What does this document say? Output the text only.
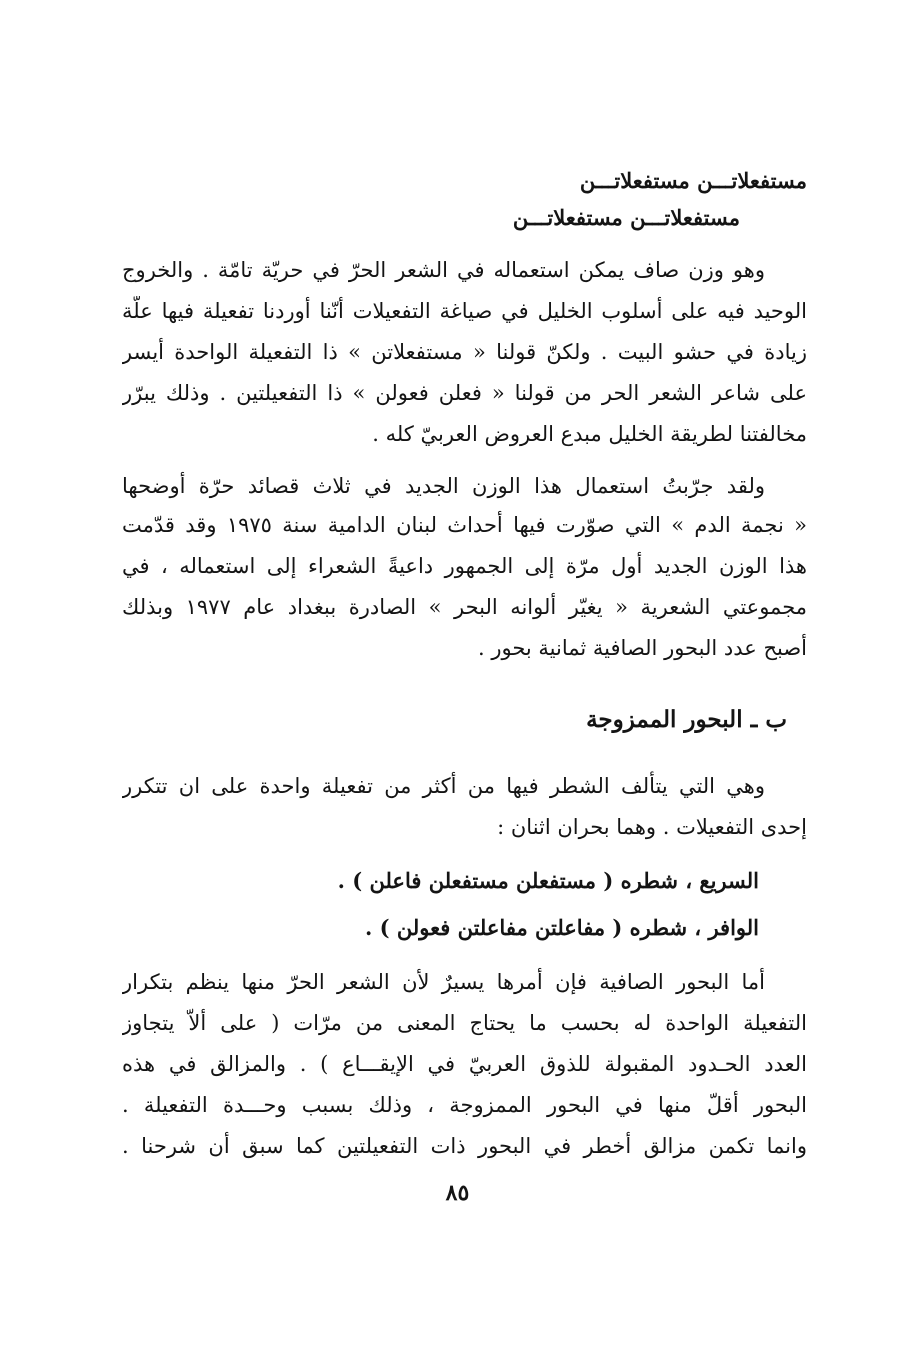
مستفعلاتـــن مستفعلاتـــن
مستفعلاتـــن مستفعلاتـــن
وهو وزن صاف يمكن استعماله في الشعر الحرّ في حريّة تامّة . والخروج
الوحيد فيه على أسلوب الخليل في صياغة التفعيلات أنّنا أوردنا تفعيلة فيها علّة
زيادة في حشو البيت . ولكنّ قولنا « مستفعلاتن » ذا التفعيلة الواحدة أيسر
على شاعر الشعر الحر من قولنا « فعلن فعولن » ذا التفعيلتين . وذلك يبرّر
مخالفتنا لطريقة الخليل مبدع العروض العربيّ كله .
ولقد جرّبتُ استعمال هذا الوزن الجديد في ثلاث قصائد حرّة أوضحها
« نجمة الدم » التي صوّرت فيها أحداث لبنان الدامية سنة ١٩٧٥ وقد قدّمت
هذا الوزن الجديد أول مرّة إلى الجمهور داعيةً الشعراء إلى استعماله ، في
مجموعتي الشعرية « يغيّر ألوانه البحر » الصادرة ببغداد عام ١٩٧٧ وبذلك
أصبح عدد البحور الصافية ثمانية بحور .
ب ـ البحور الممزوجة
وهي التي يتألف الشطر فيها من أكثر من تفعيلة واحدة على ان تتكرر
إحدى التفعيلات . وهما بحران اثنان :
السريع ، شطره ( مستفعلن مستفعلن فاعلن ) .
الوافر ، شطره ( مفاعلتن مفاعلتن فعولن ) .
أما البحور الصافية فإن أمرها يسيرٌ لأن الشعر الحرّ منها ينظم بتكرار
التفعيلة الواحدة له بحسب ما يحتاج المعنى من مرّات ( على ألاّ يتجاوز
العدد الحـدود المقبولة للذوق العربيّ في الإيقـــاع ) . والمزالق في هذه
البحور أقلّ منها في البحور الممزوجة ، وذلك بسبب وحـــدة التفعيلة .
وانما تكمن مزالق أخطر في البحور ذات التفعيلتين كما سبق أن شرحنا .
٨٥
